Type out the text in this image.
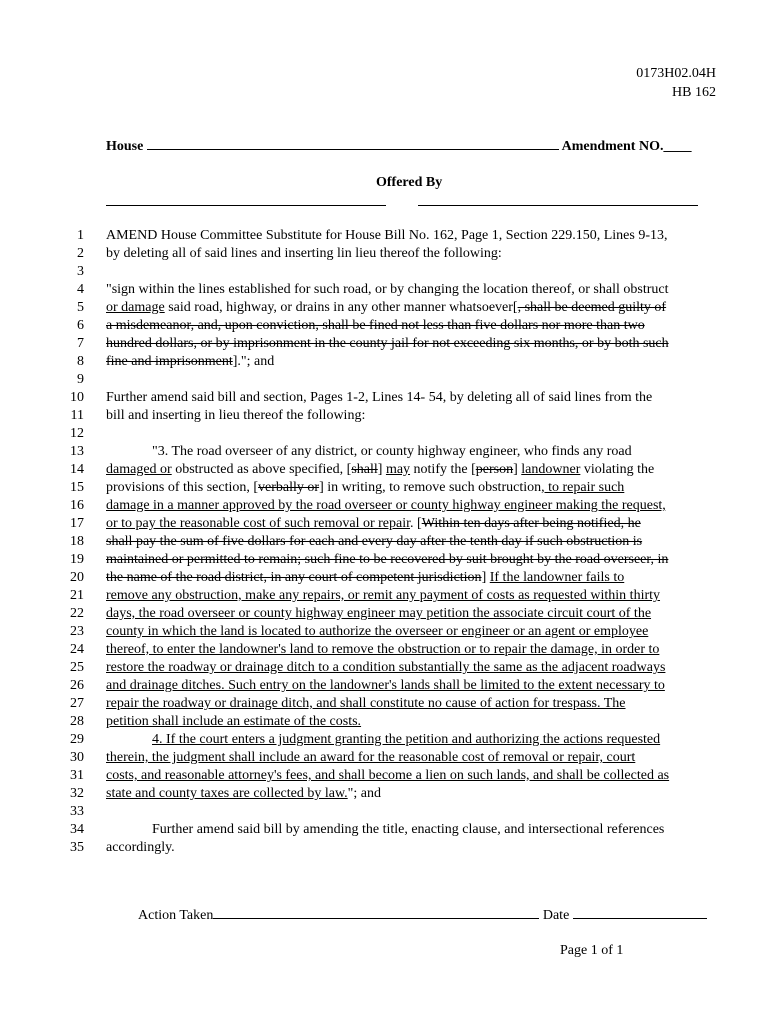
0173H02.04H
HB 162
House	Amendment NO.____
Offered By
1 AMEND House Committee Substitute for House Bill No. 162, Page 1, Section 229.150, Lines 9-13,
2 by deleting all of said lines and inserting lin lieu thereof the following:
3
4 "sign within the lines established for such road, or by changing the location thereof, or shall obstruct
5 or damage said road, highway, or drains in any other manner whatsoever[, shall be deemed guilty of
6 a misdemeanor, and, upon conviction, shall be fined not less than five dollars nor more than two
7 hundred dollars, or by imprisonment in the county jail for not exceeding six months, or by both such
8 fine and imprisonment]."; and
9
10 Further amend said bill and section, Pages 1-2, Lines 14- 54, by deleting all of said lines from the
11 bill and inserting in lieu thereof the following:
12
13	"3. The road overseer of any district, or county highway engineer, who finds any road
14 damaged or obstructed as above specified, [shall] may notify the [person] landowner violating the
15 provisions of this section, [verbally or] in writing, to remove such obstruction, to repair such
16 damage in a manner approved by the road overseer or county highway engineer making the request,
17 or to pay the reasonable cost of such removal or repair. [Within ten days after being notified, he
18 shall pay the sum of five dollars for each and every day after the tenth day if such obstruction is
19 maintained or permitted to remain; such fine to be recovered by suit brought by the road overseer, in
20 the name of the road district, in any court of competent jurisdiction] If the landowner fails to
21 remove any obstruction, make any repairs, or remit any payment of costs as requested within thirty
22 days, the road overseer or county highway engineer may petition the associate circuit court of the
23 county in which the land is located to authorize the overseer or engineer or an agent or employee
24 thereof, to enter the landowner's land to remove the obstruction or to repair the damage, in order to
25 restore the roadway or drainage ditch to a condition substantially the same as the adjacent roadways
26 and drainage ditches. Such entry on the landowner's lands shall be limited to the extent necessary to
27 repair the roadway or drainage ditch, and shall constitute no cause of action for trespass. The
28 petition shall include an estimate of the costs.
29	4. If the court enters a judgment granting the petition and authorizing the actions requested
30 therein, the judgment shall include an award for the reasonable cost of removal or repair, court
31 costs, and reasonable attorney's fees, and shall become a lien on such lands, and shall be collected as
32 state and county taxes are collected by law."; and
33
34	Further amend said bill by amending the title, enacting clause, and intersectional references
35 accordingly.
Action Taken	Date
Page 1 of 1
